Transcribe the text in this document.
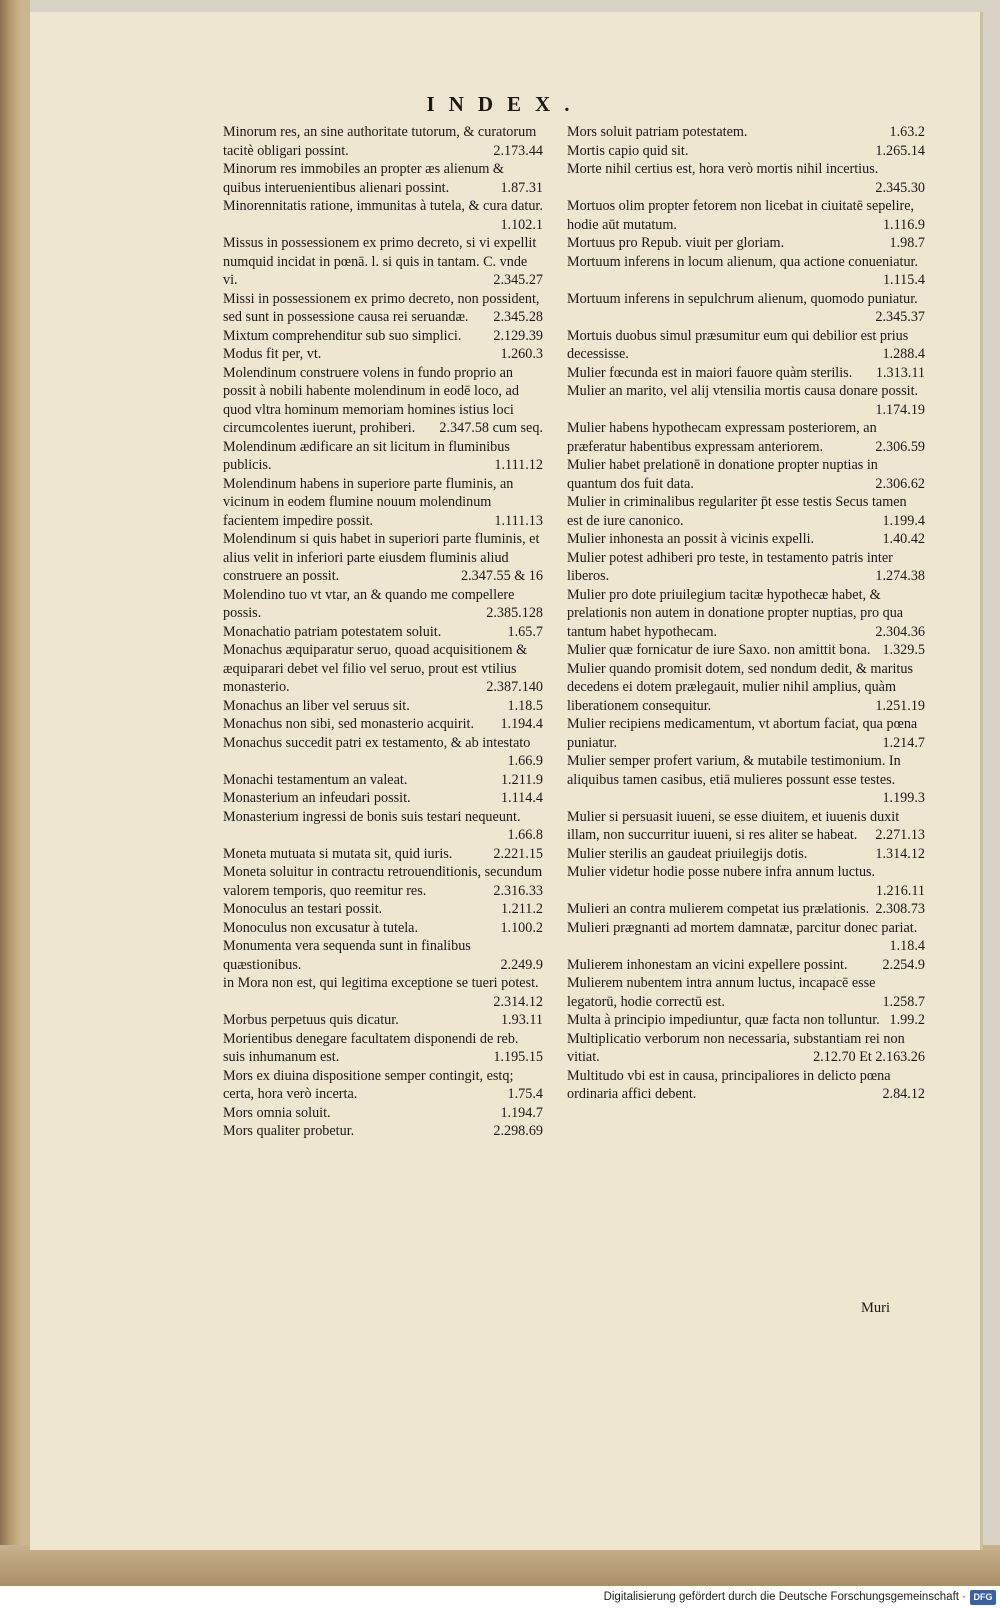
INDEX.
Minorum res, an sine authoritate tutorum, & curatorum tacitè obligari possint.	2.173.44
Minorum res immobiles an propter æs alienum & quibus interuenientibus alienari possint.	1.87.31
Minorennitatis ratione, immunitas à tutela, & cura datur.
1.102.1
Missus in possessionem ex primo decreto, si vi expellit numquid incidat in pœnā. l. si quis in tantam. C. vnde vi.	2.345.27
Missi in possessionem ex primo decreto, non possident, sed sunt in possessione causa rei seruandæ.	2.345.28
Mixtum comprehenditur sub suo simplici.	2.129.39
Modus fit per, vt.	1.260.3
Molendinum construere volens in fundo proprio an possit à nobili habente molendinum in eodē loco, ad quod vltra hominum memoriam homines istius loci circumcolentes iuerunt, prohiberi.	2.347.58 cum seq.
Molendinum ædificare an sit licitum in fluminibus publicis.	1.111.12
Molendinum habens in superiore parte fluminis, an vicinum in eodem flumine nouum molendinum facientem impedire possit.	1.111.13
Molendinum si quis habet in superiori parte fluminis, et alius velit in inferiori parte eiusdem fluminis aliud construere an possit.	2.347.55 & 16
Molendino tuo vt vtar, an & quando me compellere possis.	2.385.128
Monachatio patriam potestatem soluit.	1.65.7
Monachus æquiparatur seruo, quoad acquisitionem & æquiparari debet vel filio vel seruo, prout est vtilius monasterio.	2.387.140
Monachus an liber vel seruus sit.	1.18.5
Monachus non sibi, sed monasterio acquirit.	1.194.4
Monachus succedit patri ex testamento, & ab intestato
1.66.9
Monachi testamentum an valeat.	1.211.9
Monasterium an infeudari possit.	1.114.4
Monasterium ingressi de bonis suis testari nequeunt.
1.66.8
Moneta mutuata si mutata sit, quid iuris.	2.221.15
Moneta soluitur in contractu retrouenditionis, secundum valorem temporis, quo reemitur res.	2.316.33
Monoculus an testari possit.	1.211.2
Monoculus non excusatur à tutela.	1.100.2
Monumenta vera sequenda sunt in finalibus quæstionibus.	2.249.9
in Mora non est, qui legitima exceptione se tueri potest.
2.314.12
Morbus perpetuus quis dicatur.	1.93.11
Morientibus denegare facultatem disponendi de reb. suis inhumanum est.	1.195.15
Mors ex diuina dispositione semper contingit, estq; certa, hora verò incerta.	1.75.4
Mors omnia soluit.	1.194.7
Mors qualiter probetur.	2.298.69
Mors soluit patriam potestatem.	1.63.2
Mortis capio quid sit.	1.265.14
Morte nihil certius est, hora verò mortis nihil incertius.
2.345.30
Mortuos olim propter fetorem non licebat in ciuitatē sepelire, hodie aūt mutatum.	1.116.9
Mortuus pro Repub. viuit per gloriam.	1.98.7
Mortuum inferens in locum alienum, qua actione conueniatur.
1.115.4
Mortuum inferens in sepulchrum alienum, quomodo puniatur.
2.345.37
Mortuis duobus simul præsumitur eum qui debilior est prius decessisse.	1.288.4
Mulier fœcunda est in maiori fauore quàm sterilis.	1.313.11
Mulier an marito, vel alij vtensilia mortis causa donare possit.
1.174.19
Mulier habens hypothecam expressam posteriorem, an præferatur habentibus expressam anteriorem.	2.306.59
Mulier habet prelationē in donatione propter nuptias in quantum dos fuit data.	2.306.62
Mulier in criminalibus regulariter p̄t esse testis Secus tamen est de iure canonico.	1.199.4
Mulier inhonesta an possit à vicinis expelli.	1.40.42
Mulier potest adhiberi pro teste, in testamento patris inter liberos.	1.274.38
Mulier pro dote priuilegium tacitæ hypothecæ habet, & prelationis non autem in donatione propter nuptias, pro qua tantum habet hypothecam.	2.304.36
Mulier quæ fornicatur de iure Saxo. non amittit bona. 1.329.5
Mulier quando promisit dotem, sed nondum dedit, & maritus decedens ei dotem prælegauit, mulier nihil amplius, quàm liberationem consequitur.	1.251.19
Mulier recipiens medicamentum, vt abortum faciat, qua pœna puniatur.	1.214.7
Mulier semper profert varium, & mutabile testimonium. In aliquibus tamen casibus, etiā mulieres possunt esse testes.
1.199.3
Mulier si persuasit iuueni, se esse diuitem, et iuuenis duxit illam, non succurritur iuueni, si res aliter se habeat.	2.271.13
Mulier sterilis an gaudeat priuilegijs dotis.	1.314.12
Mulier videtur hodie posse nubere infra annum luctus.
1.216.11
Mulieri an contra mulierem competat ius prælationis. 2.308.73
Mulieri prægnanti ad mortem damnatæ, parcitur donec pariat.
1.18.4
Mulierem inhonestam an vicini expellere possint.	2.254.9
Mulierem nubentem intra annum luctus, incapacē esse legatorū, hodie correctū est.	1.258.7
Multa à principio impediuntur, quæ facta non tolluntur. 1.99.2
Multiplicatio verborum non necessaria, substantiam rei non vitiat.	2.12.70 Et 2.163.26
Multitudo vbi est in causa, principaliores in delicto pœna ordinaria affici debent.	2.84.12
Muri
Digitalisierung gefördert durch die Deutsche Forschungsgemeinschaft · DFG
